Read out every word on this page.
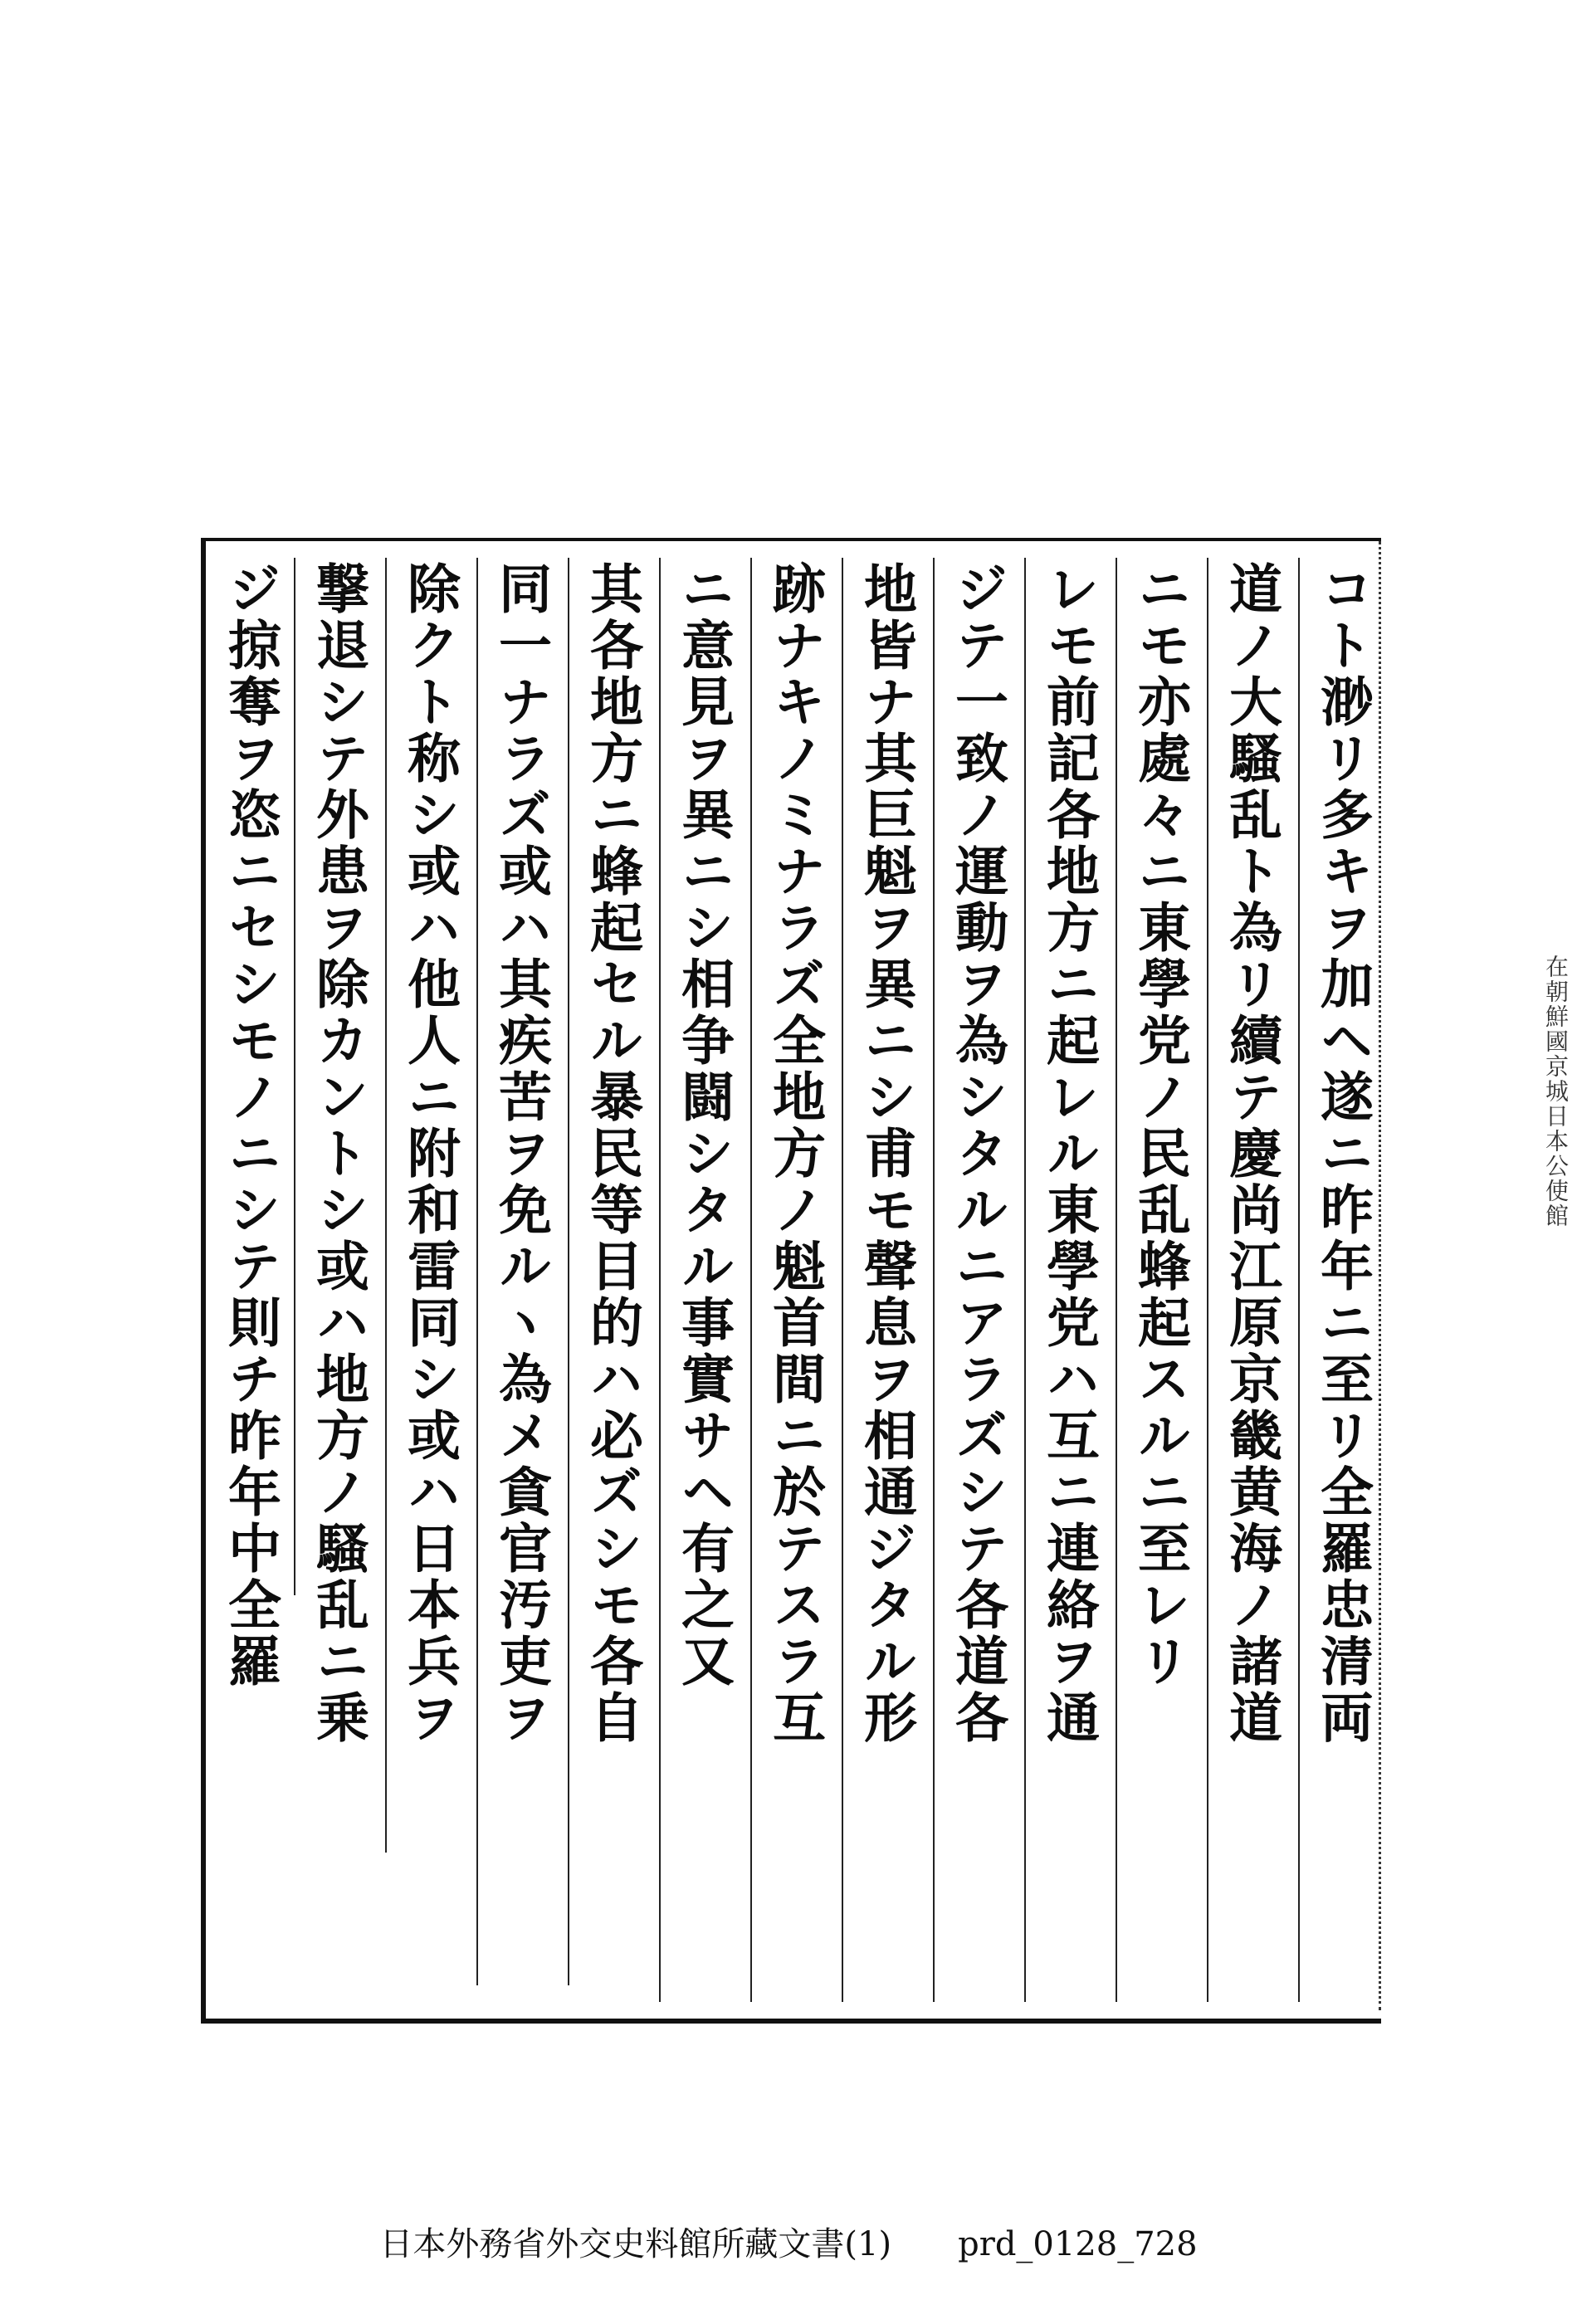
コト渺リ多キヲ加ヘ遂ニ昨年ニ至リ全羅忠清両
道ノ大騷乱ト為リ續テ慶尚江原京畿黄海ノ諸道
ニモ亦處々ニ東學党ノ民乱蜂起スルニ至レリ
レモ前記各地方ニ起レル東學党ハ互ニ連絡ヲ通
ジテ一致ノ運動ヲ為シタルニアラズシテ各道各
地皆ナ其巨魁ヲ異ニシ甫モ聲息ヲ相通ジタル形
跡ナキノミナラズ全地方ノ魁首間ニ於テスラ互
ニ意見ヲ異ニシ相争闘シタル事實サヘ有之又
其各地方ニ蜂起セル暴民等目的ハ必ズシモ各自
同一ナラズ或ハ其疾苦ヲ免ルヽ為メ貪官汚吏ヲ
除クト称シ或ハ他人ニ附和雷同シ或ハ日本兵ヲ
撃退シテ外患ヲ除カントシ或ハ地方ノ騷乱ニ乗
ジ掠奪ヲ恣ニセシモノニシテ則チ昨年中全羅	在朝鮮國京城日本公使館
日本外務省外交史料館所藏文書(1) prd_0128_728
